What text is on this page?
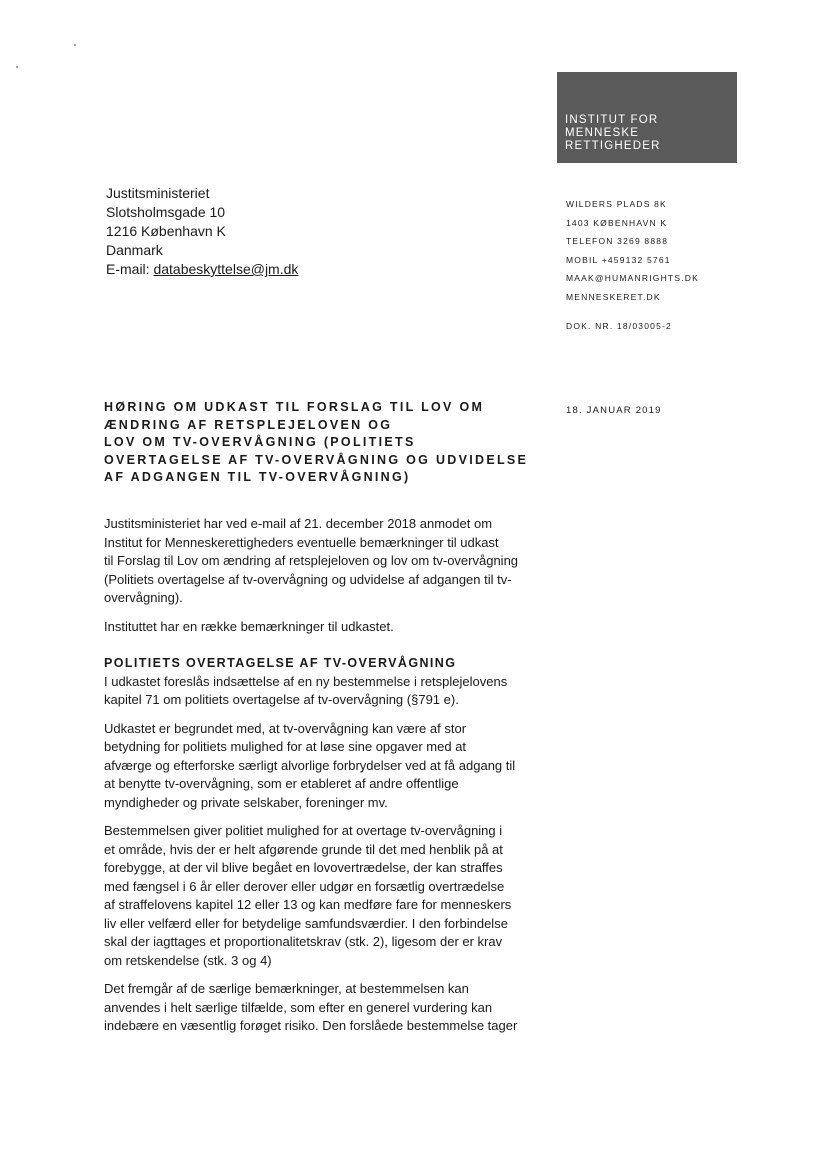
INSTITUT FOR
MENNESKE
RETTIGHEDER
Justitsministeriet
Slotsholmsgade 10
1216 København K
Danmark
E-mail: databeskyttelse@jm.dk
WILDERS PLADS 8K
1403 KØBENHAVN K
TELEFON 3269 8888
MOBIL +459132 5761
MAAK@HUMANRIGHTS.DK
MENNESKERET.DK
DOK. NR. 18/03005-2
18. JANUAR 2019
HØRING OM UDKAST TIL FORSLAG TIL LOV OM
ÆNDRING AF RETSPLEJELOVEN OG
LOV OM TV-OVERVÅGNING (POLITIETS
OVERTAGELSE AF TV-OVERVÅGNING OG UDVIDELSE
AF ADGANGEN TIL TV-OVERVÅGNING)
Justitsministeriet har ved e-mail af 21. december 2018 anmodet om
Institut for Menneskerettigheders eventuelle bemærkninger til udkast
til Forslag til Lov om ændring af retsplejeloven og lov om tv-overvågning
(Politiets overtagelse af tv-overvågning og udvidelse af adgangen til tv-
overvågning).
Instituttet har en række bemærkninger til udkastet.
POLITIETS OVERTAGELSE AF TV-OVERVÅGNING
I udkastet foreslås indsættelse af en ny bestemmelse i retsplejelovens
kapitel 71 om politiets overtagelse af tv-overvågning (§791 e).
Udkastet er begrundet med, at tv-overvågning kan være af stor
betydning for politiets mulighed for at løse sine opgaver med at
afværge og efterforske særligt alvorlige forbrydelser ved at få adgang til
at benytte tv-overvågning, som er etableret af andre offentlige
myndigheder og private selskaber, foreninger mv.
Bestemmelsen giver politiet mulighed for at overtage tv-overvågning i
et område, hvis der er helt afgørende grunde til det med henblik på at
forebygge, at der vil blive begået en lovovertrædelse, der kan straffes
med fængsel i 6 år eller derover eller udgør en forsætlig overtrædelse
af straffelovens kapitel 12 eller 13 og kan medføre fare for menneskers
liv eller velfærd eller for betydelige samfundsværdier. I den forbindelse
skal der iagttages et proportionalitetskrav (stk. 2), ligesom der er krav
om retskendelse (stk. 3 og 4)
Det fremgår af de særlige bemærkninger, at bestemmelsen kan
anvendes i helt særlige tilfælde, som efter en generel vurdering kan
indebære en væsentlig forøget risiko. Den forslåede bestemmelse tager
